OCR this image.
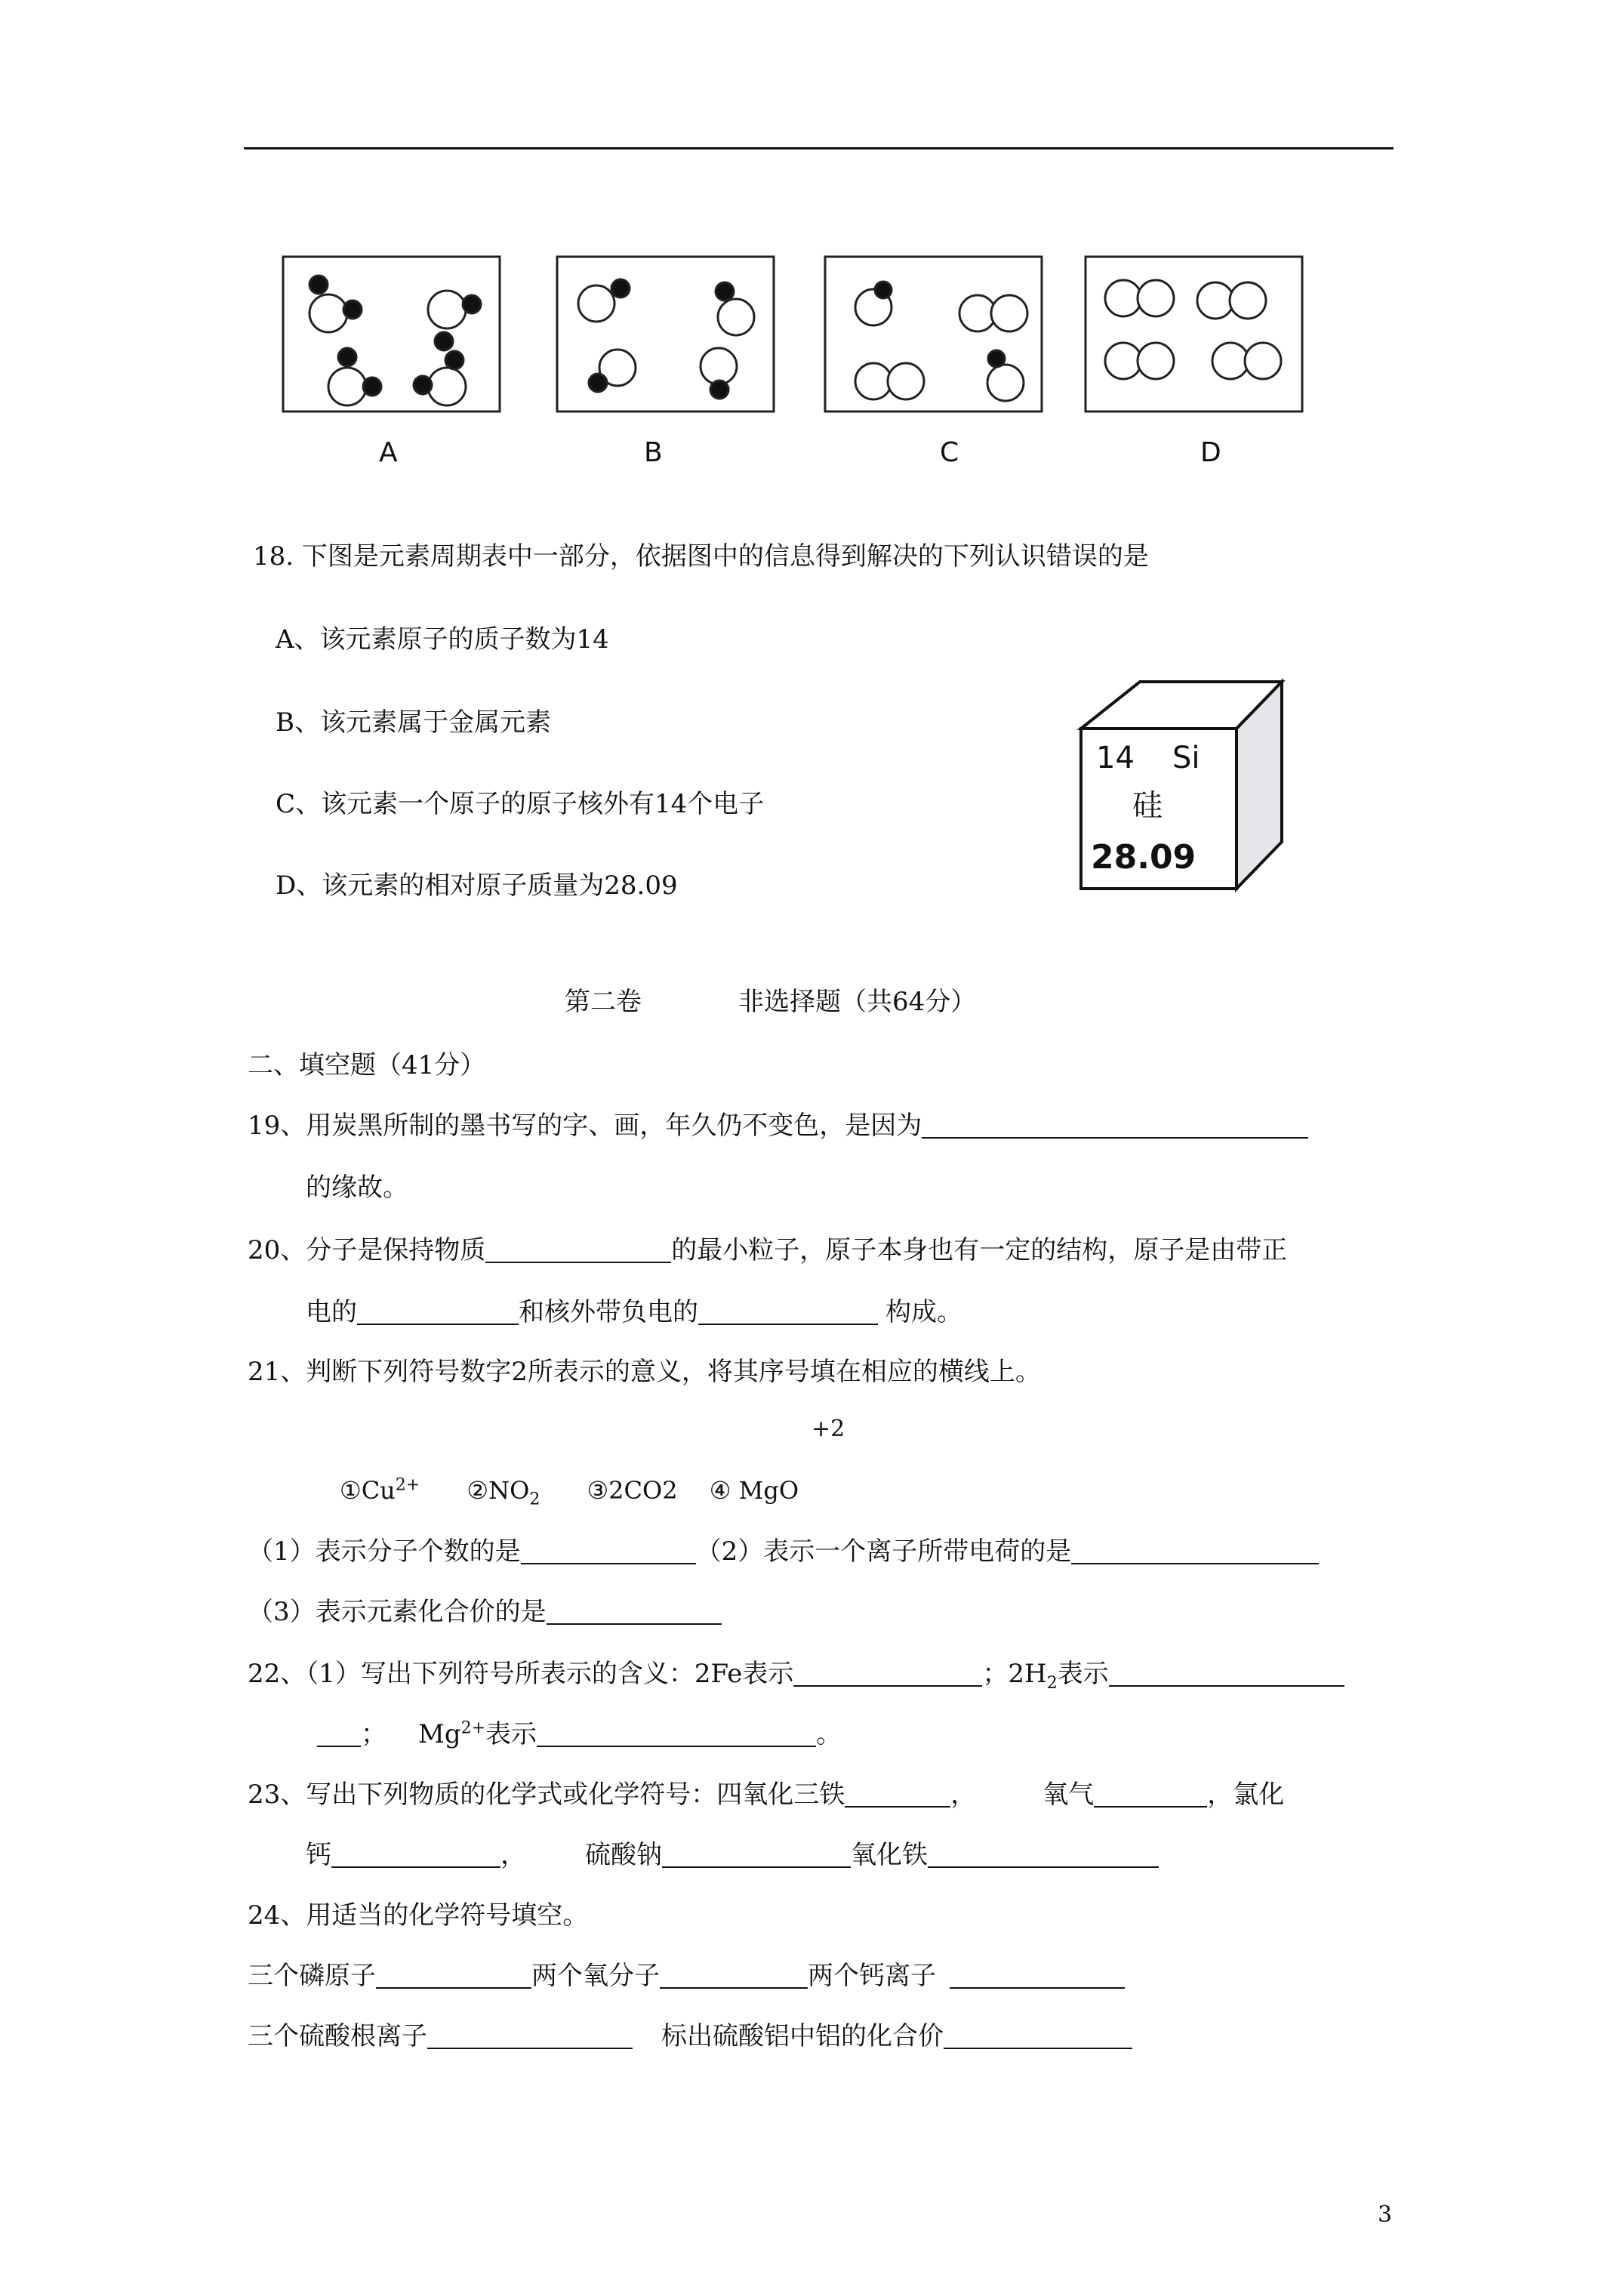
A	B	C	D
18. 下图是元素周期表中一部分，依据图中的信息得到解决的下列认识错误的是
A、该元素原子的质子数为14
B、该元素属于金属元素
C、该元素一个原子的原子核外有14个电子
D、该元素的相对原子质量为28.09
14 Si
硅
28.09
第二卷	非选择题（共64分）
二、填空题（41分）
19、用炭黑所制的墨书写的字、画，年久仍不变色，是因为
的缘故。
20、分子是保持物质	的最小粒子，原子本身也有一定的结构，原子是由带正
电的	和核外带负电的	构成。
21、判断下列符号数字2所表示的意义，将其序号填在相应的横线上。
+2
$①Cu^{2+}$ $②NO_2$ ③2CO2 ④ MgO
（1）表示分子个数的是	（2）表示一个离子所带电荷的是
（3）表示元素化合价的是
22、（1）写出下列符号所表示的含义：2Fe表示	；$2H_2$表示
； $Mg^{2+}$表示	。
23、写出下列物质的化学式或化学符号：四氧化三铁	，	氧气	，氯化
钙	， 硫酸钠	氧化铁
24、用适当的化学符号填空。
三个磷原子	两个氧分子	两个钙离子
三个硫酸根离子	标出硫酸铝中铝的化合价
3
